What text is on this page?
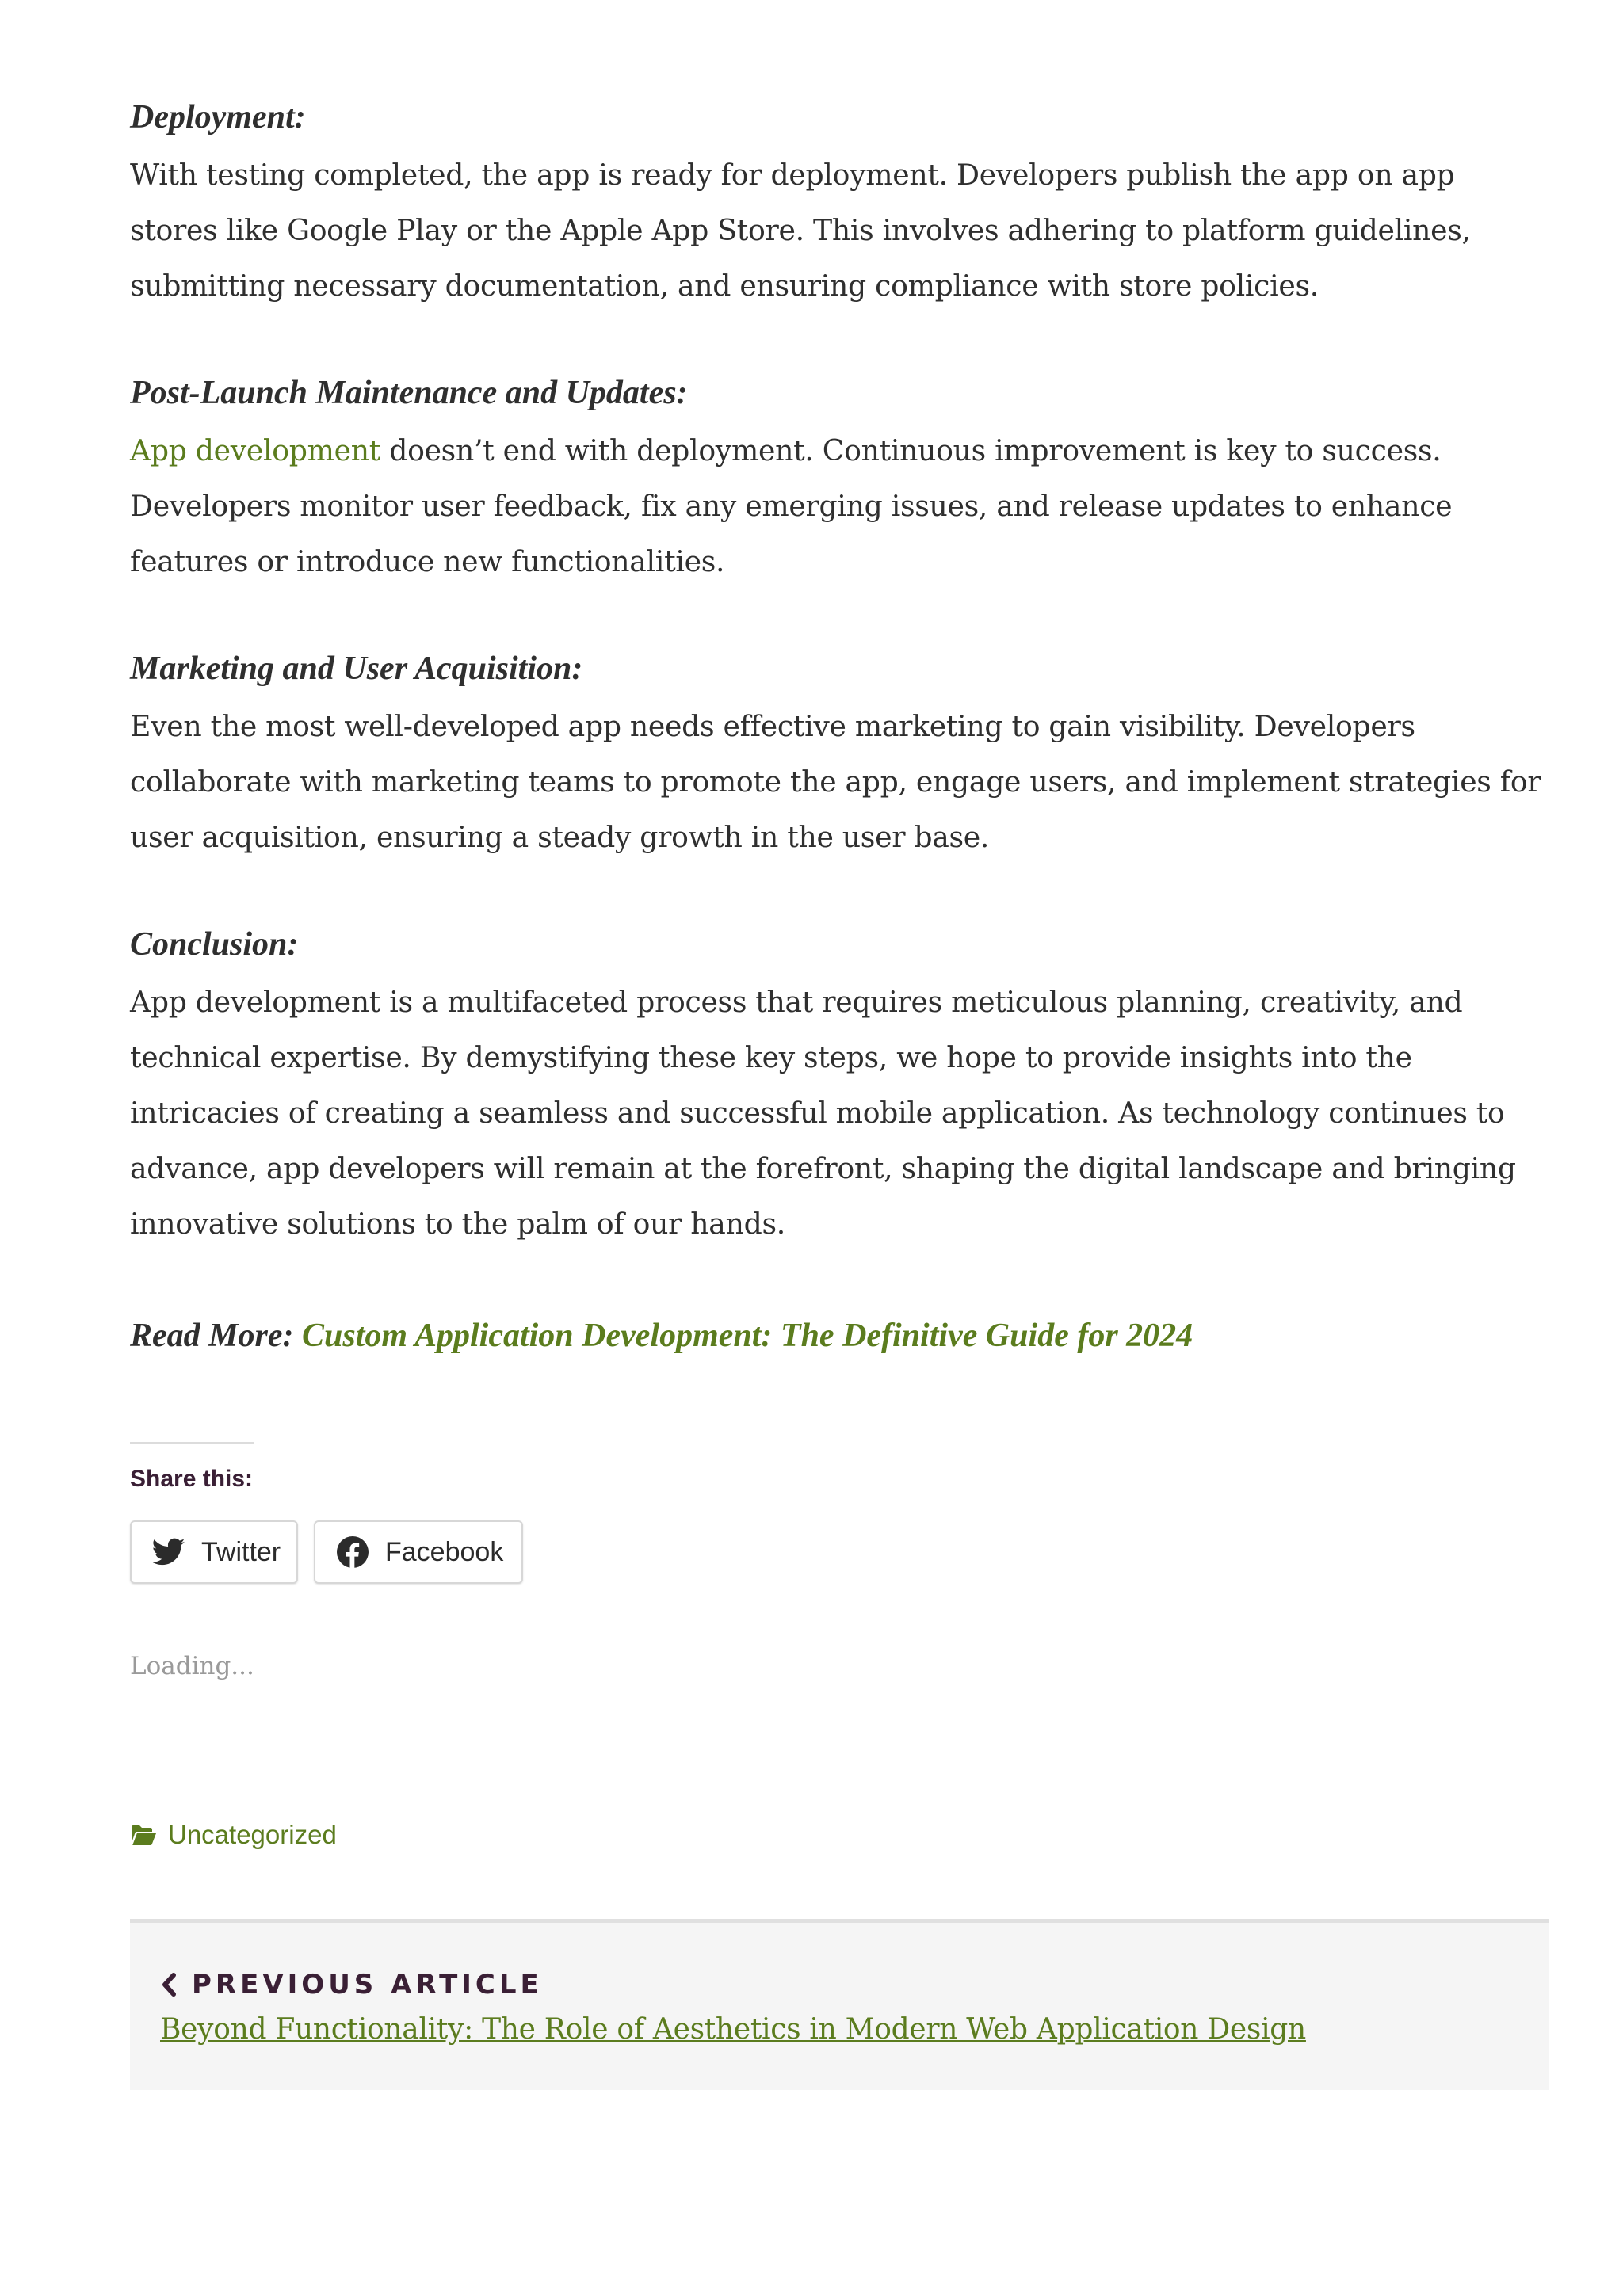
Deployment:
With testing completed, the app is ready for deployment. Developers publish the app on app stores like Google Play or the Apple App Store. This involves adhering to platform guidelines, submitting necessary documentation, and ensuring compliance with store policies.
Post-Launch Maintenance and Updates:
App development doesn’t end with deployment. Continuous improvement is key to success. Developers monitor user feedback, fix any emerging issues, and release updates to enhance features or introduce new functionalities.
Marketing and User Acquisition:
Even the most well-developed app needs effective marketing to gain visibility. Developers collaborate with marketing teams to promote the app, engage users, and implement strategies for user acquisition, ensuring a steady growth in the user base.
Conclusion:
App development is a multifaceted process that requires meticulous planning, creativity, and technical expertise. By demystifying these key steps, we hope to provide insights into the intricacies of creating a seamless and successful mobile application. As technology continues to advance, app developers will remain at the forefront, shaping the digital landscape and bringing innovative solutions to the palm of our hands.
Read More: Custom Application Development: The Definitive Guide for 2024
Share this:
Twitter	Facebook
Loading...
Uncategorized
PREVIOUS ARTICLE
Beyond Functionality: The Role of Aesthetics in Modern Web Application Design
